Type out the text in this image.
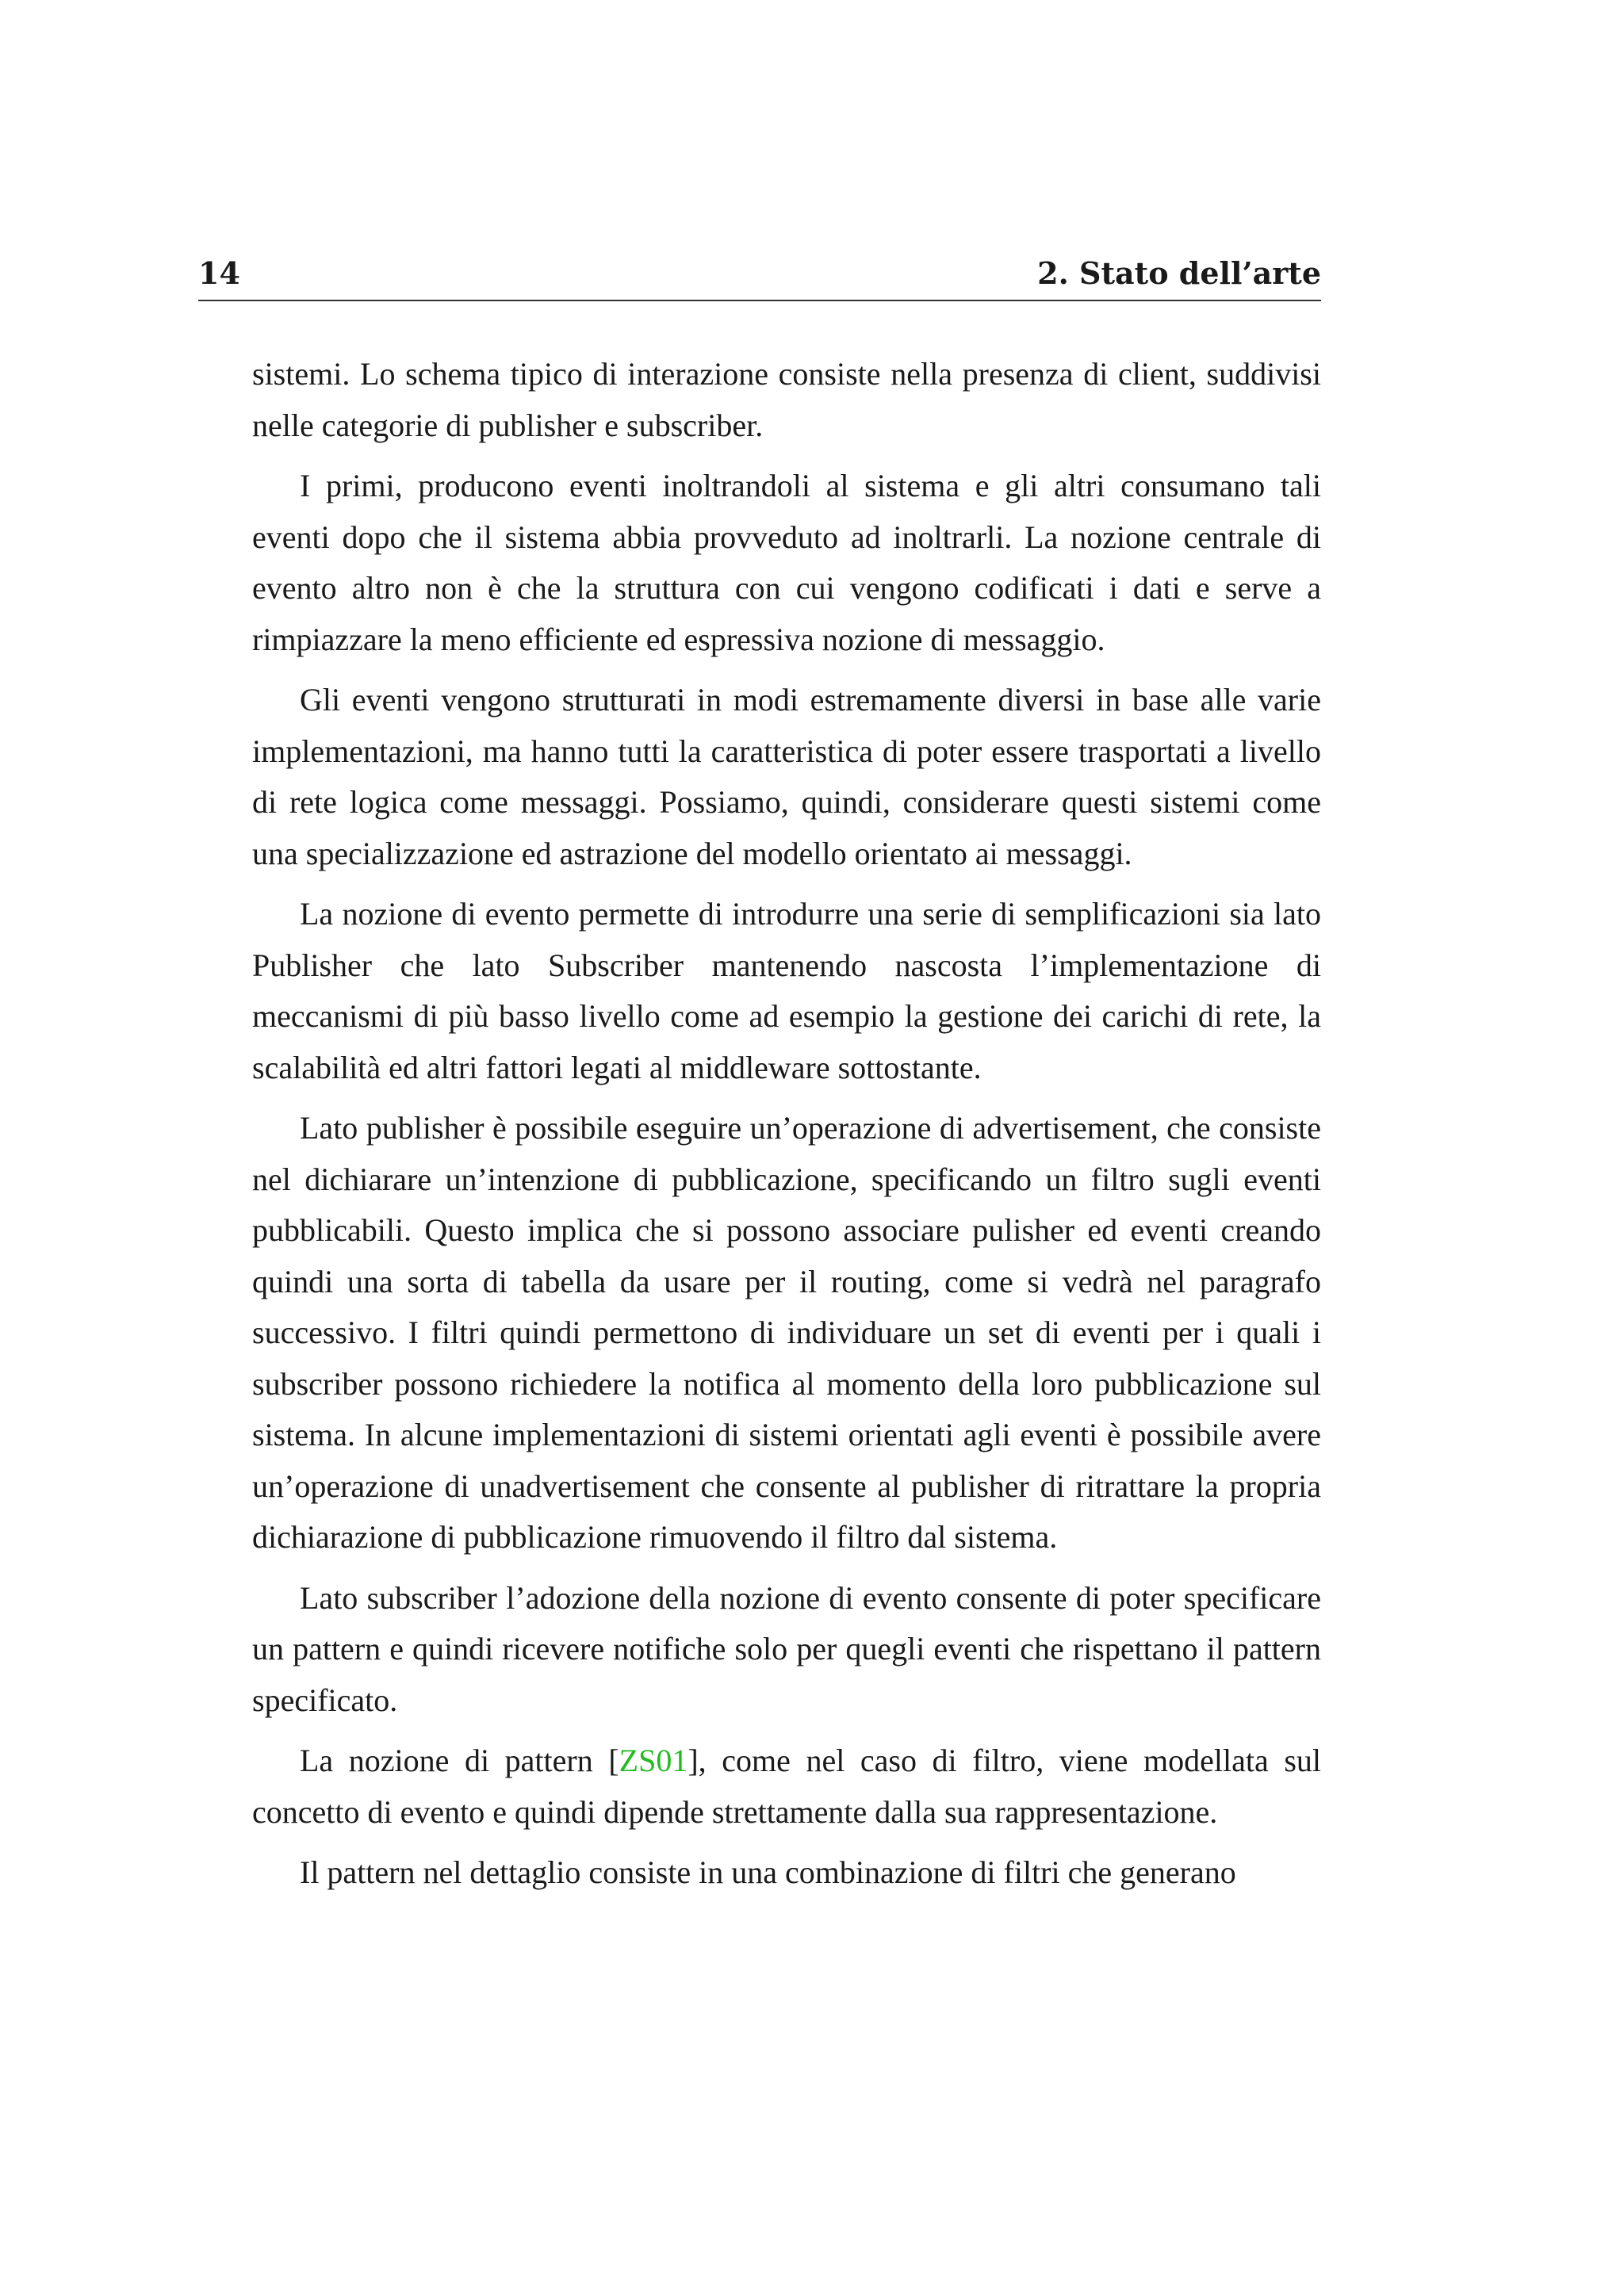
14	2. Stato dell’arte

sistemi. Lo schema tipico di interazione consiste nella presenza di client, suddivisi nelle categorie di publisher e subscriber.

I primi, producono eventi inoltrandoli al sistema e gli altri consumano tali eventi dopo che il sistema abbia provveduto ad inoltrarli. La nozione centrale di evento altro non è che la struttura con cui vengono codificati i dati e serve a rimpiazzare la meno efficiente ed espressiva nozione di messaggio.

Gli eventi vengono strutturati in modi estremamente diversi in base alle varie implementazioni, ma hanno tutti la caratteristica di poter essere trasportati a livello di rete logica come messaggi. Possiamo, quindi, considerare questi sistemi come una specializzazione ed astrazione del modello orientato ai messaggi.

La nozione di evento permette di introdurre una serie di semplificazioni sia lato Publisher che lato Subscriber mantenendo nascosta l’implementazione di meccanismi di più basso livello come ad esempio la gestione dei carichi di rete, la scalabilità ed altri fattori legati al middleware sottostante.

Lato publisher è possibile eseguire un’operazione di advertisement, che consiste nel dichiarare un’intenzione di pubblicazione, specificando un filtro sugli eventi pubblicabili. Questo implica che si possono associare pulisher ed eventi creando quindi una sorta di tabella da usare per il routing, come si vedrà nel paragrafo successivo. I filtri quindi permettono di individuare un set di eventi per i quali i subscriber possono richiedere la notifica al momento della loro pubblicazione sul sistema. In alcune implementazioni di sistemi orientati agli eventi è possibile avere un’operazione di unadvertisement che consente al publisher di ritrattare la propria dichiarazione di pubblicazione rimuovendo il filtro dal sistema.

Lato subscriber l’adozione della nozione di evento consente di poter specificare un pattern e quindi ricevere notifiche solo per quegli eventi che rispettano il pattern specificato.

La nozione di pattern [ZS01], come nel caso di filtro, viene modellata sul concetto di evento e quindi dipende strettamente dalla sua rappresentazione.

Il pattern nel dettaglio consiste in una combinazione di filtri che generano
